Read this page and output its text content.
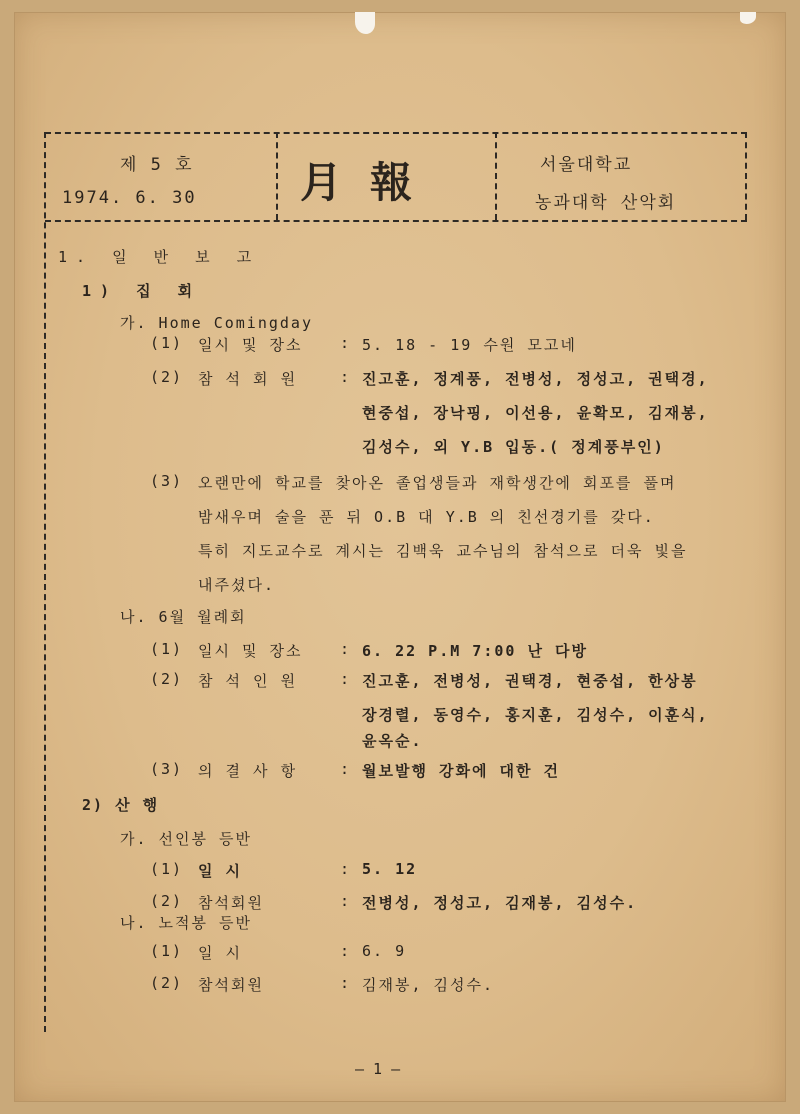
제 5 호
1974. 6. 30 月報	서울대학교
농과대학 산악회
1. 일 반 보 고
1) 집 회
가. Home Comingday
(1) 일시 및 장소 : 5. 18 - 19 수원 모고네
(2) 참 석 회 원	: 진고훈, 정계풍, 전병성, 정성고, 권택경,
현중섭, 장낙핑, 이선용, 윤확모, 김재봉,
김성수, 외 Y.B 입동.( 정계풍부인)
(3) 오랜만에 학교를 찾아온 졸업생들과 재학생간에 회포를 풀며
밤새우며 술을 푼 뒤 O.B 대 Y.B 의 친선경기를 갖다.
특히 지도교수로 계시는 김백욱 교수님의 참석으로 더욱 빛을
내주셨다.
나. 6월 월례회
(1) 일시 및 장소 : 6. 22 P.M 7:00 난 다방
(2) 참 석 인 원	: 진고훈, 전병성, 권택경, 현중섭, 한상봉
장경렬, 동영수, 홍지훈, 김성수, 이훈식,
윤옥순.
(3) 의 결 사 항	: 월보발행 강화에 대한 건
2) 산 행
가. 선인봉 등반
(1) 일 시	: 5. 12
(2) 참석회원	: 전병성, 정성고, 김재봉, 김성수.
나. 노적봉 등반
(1) 일 시	: 6. 9
(2) 참석회원	: 김재봉, 김성수.
— 1 —
